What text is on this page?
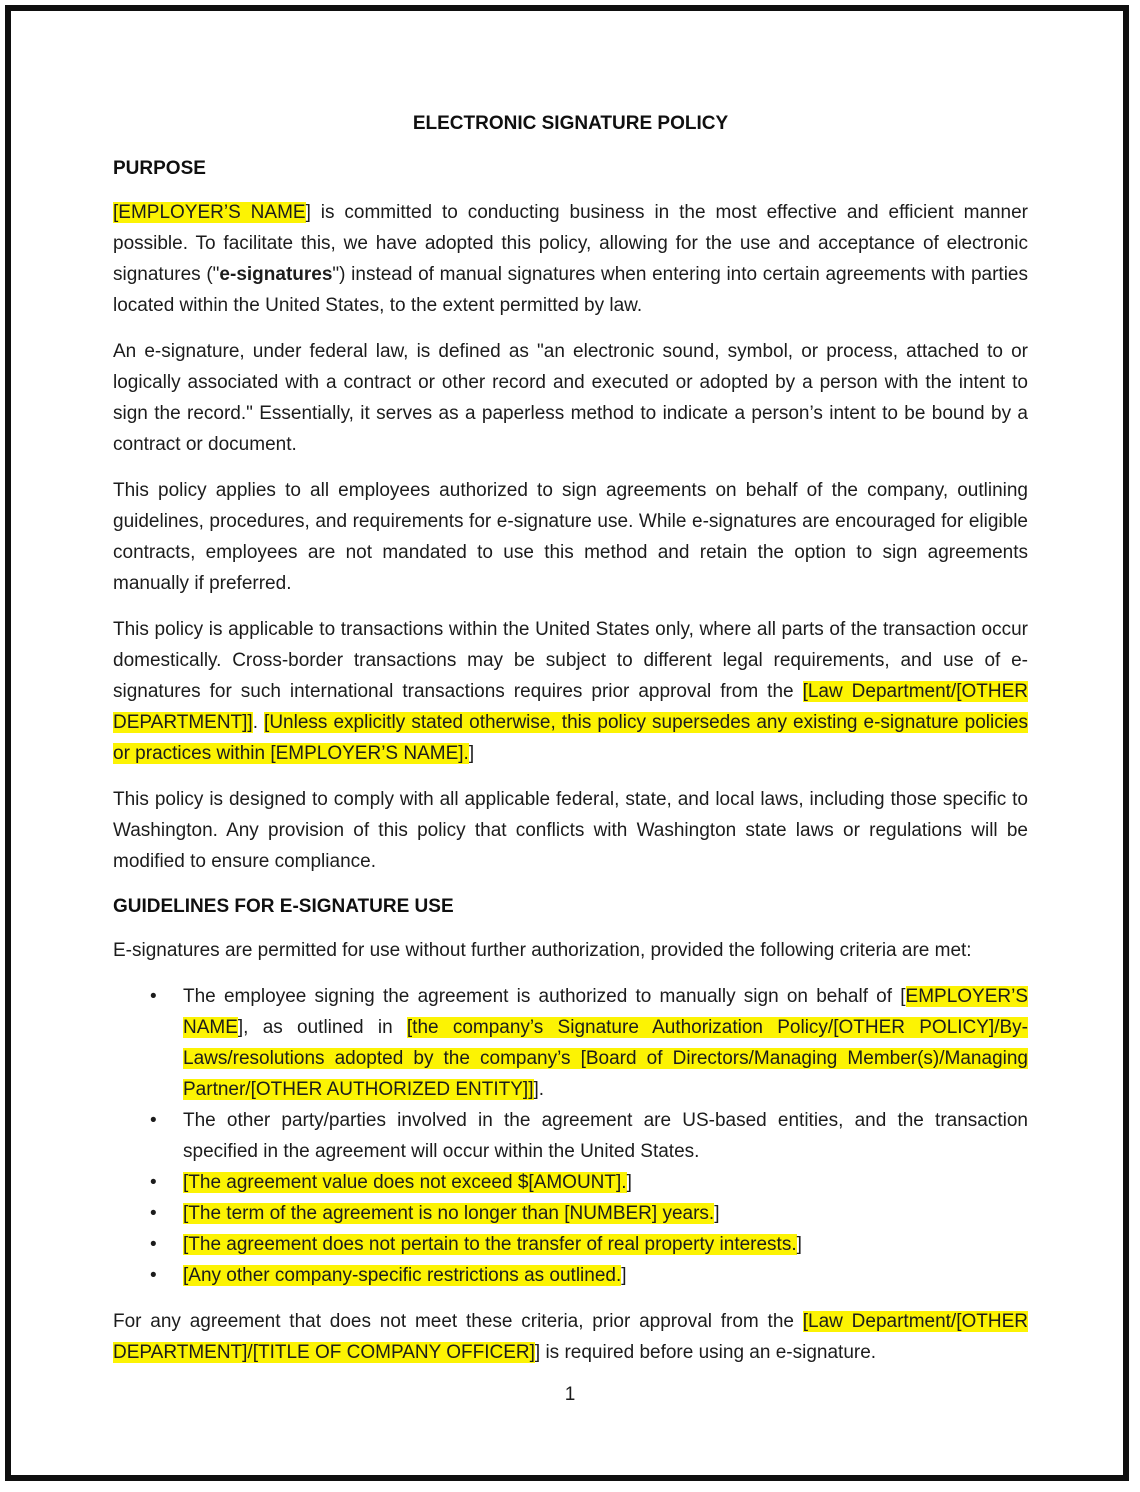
ELECTRONIC SIGNATURE POLICY
PURPOSE

[EMPLOYER’S NAME] is committed to conducting business in the most effective and efficient manner possible. To facilitate this, we have adopted this policy, allowing for the use and acceptance of electronic signatures ("e-signatures") instead of manual signatures when entering into certain agreements with parties located within the United States, to the extent permitted by law.

An e-signature, under federal law, is defined as "an electronic sound, symbol, or process, attached to or logically associated with a contract or other record and executed or adopted by a person with the intent to sign the record." Essentially, it serves as a paperless method to indicate a person’s intent to be bound by a contract or document.

This policy applies to all employees authorized to sign agreements on behalf of the company, outlining guidelines, procedures, and requirements for e-signature use. While e-signatures are encouraged for eligible contracts, employees are not mandated to use this method and retain the option to sign agreements manually if preferred.

This policy is applicable to transactions within the United States only, where all parts of the transaction occur domestically. Cross-border transactions may be subject to different legal requirements, and use of e-signatures for such international transactions requires prior approval from the [Law Department/[OTHER DEPARTMENT]]. [Unless explicitly stated otherwise, this policy supersedes any existing e-signature policies or practices within [EMPLOYER’S NAME].]

This policy is designed to comply with all applicable federal, state, and local laws, including those specific to Washington. Any provision of this policy that conflicts with Washington state laws or regulations will be modified to ensure compliance.

GUIDELINES FOR E-SIGNATURE USE

E-signatures are permitted for use without further authorization, provided the following criteria are met:

•	The employee signing the agreement is authorized to manually sign on behalf of [EMPLOYER’S NAME], as outlined in [the company’s Signature Authorization Policy/[OTHER POLICY]/By-Laws/resolutions adopted by the company’s [Board of Directors/Managing Member(s)/Managing Partner/[OTHER AUTHORIZED ENTITY]]].
•	The other party/parties involved in the agreement are US-based entities, and the transaction specified in the agreement will occur within the United States.
•	[The agreement value does not exceed $[AMOUNT].]
•	[The term of the agreement is no longer than [NUMBER] years.]
•	[The agreement does not pertain to the transfer of real property interests.]
•	[Any other company-specific restrictions as outlined.]

For any agreement that does not meet these criteria, prior approval from the [Law Department/[OTHER DEPARTMENT]/[TITLE OF COMPANY OFFICER]] is required before using an e-signature.

1
